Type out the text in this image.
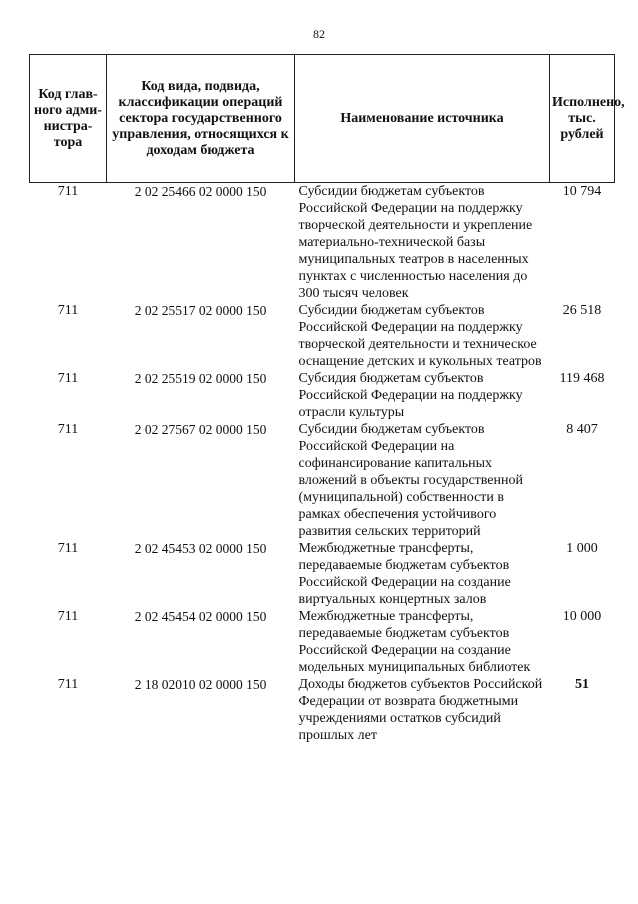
82
Код глав-ного адми-нистра-тора	Код вида, подвида, классификации операций сектора государственного управления, относящихся к доходам бюджета	Наименование источника	Исполнено, тыс. рублей
711	2 02 25466 02 0000 150	Субсидии бюджетам субъектов Российской Федерации на поддержку творческой деятельности и укрепление материально-технической базы муниципальных театров в населенных пунктах с численностью населения до 300 тысяч человек	10 794
711	2 02 25517 02 0000 150	Субсидии бюджетам субъектов Российской Федерации на поддержку творческой деятельности и техническое оснащение детских и кукольных театров	26 518
711	2 02 25519 02 0000 150	Субсидия бюджетам субъектов Российской Федерации на поддержку отрасли культуры	119 468
711	2 02 27567 02 0000 150	Субсидии бюджетам субъектов Российской Федерации на софинансирование капитальных вложений в объекты государственной (муниципальной) собственности в рамках обеспечения устойчивого развития сельских территорий	8 407
711	2 02 45453 02 0000 150	Межбюджетные трансферты, передаваемые бюджетам субъектов Российской Федерации на создание виртуальных концертных залов	1 000
711	2 02 45454 02 0000 150	Межбюджетные трансферты, передаваемые бюджетам субъектов Российской Федерации на создание модельных муниципальных библиотек	10 000
711	2 18 02010 02 0000 150	Доходы бюджетов субъектов Российской Федерации от возврата бюджетными учреждениями остатков субсидий прошлых лет	51
